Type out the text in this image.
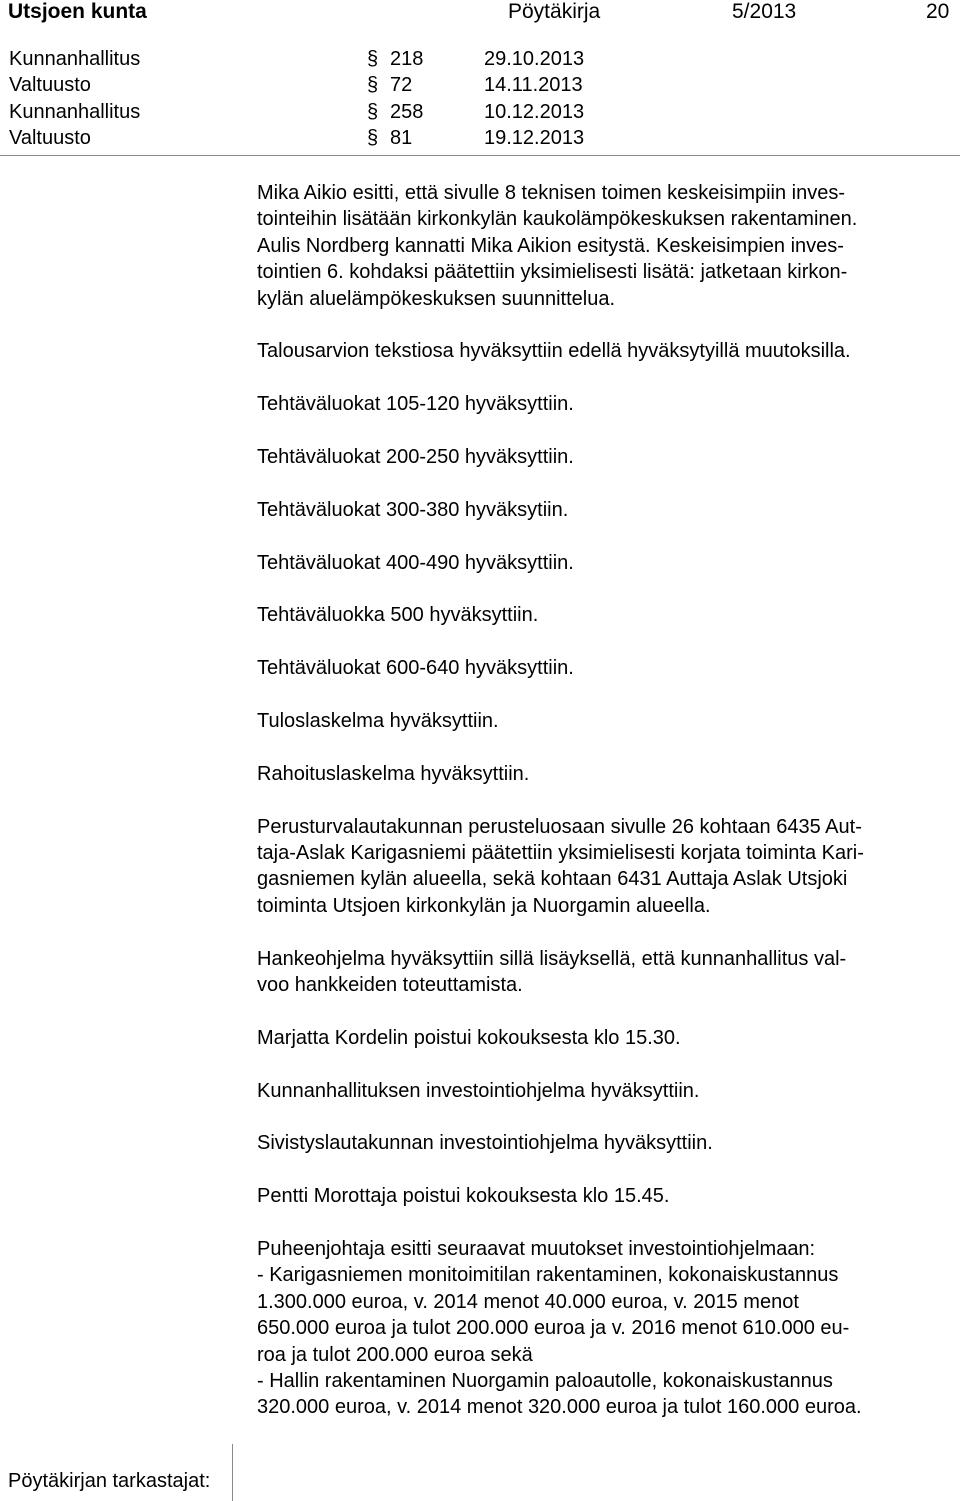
Utsjoen kunta	Pöytäkirja	5/2013	20
Kunnanhallitus	§ 218	29.10.2013
Valtuusto	§ 72	14.11.2013
Kunnanhallitus	§ 258	10.12.2013
Valtuusto	§ 81	19.12.2013

Mika Aikio esitti, että sivulle 8 teknisen toimen keskeisimpiin inves-
tointeihin lisätään kirkonkylän kaukolämpökeskuksen rakentaminen.
Aulis Nordberg kannatti Mika Aikion esitystä. Keskeisimpien inves-
tointien 6. kohdaksi päätettiin yksimielisesti lisätä: jatketaan kirkon-
kylän aluelämpökeskuksen suunnittelua.

Talousarvion tekstiosa hyväksyttiin edellä hyväksytyillä muutoksilla.

Tehtäväluokat 105-120 hyväksyttiin.

Tehtäväluokat 200-250 hyväksyttiin.

Tehtäväluokat 300-380 hyväksytiin.

Tehtäväluokat 400-490 hyväksyttiin.

Tehtäväluokka 500 hyväksyttiin.

Tehtäväluokat 600-640 hyväksyttiin.

Tuloslaskelma hyväksyttiin.

Rahoituslaskelma hyväksyttiin.

Perusturvalautakunnan perusteluosaan sivulle 26 kohtaan 6435 Aut-
taja-Aslak Karigasniemi päätettiin yksimielisesti korjata toiminta Kari-
gasniemen kylän alueella, sekä kohtaan 6431 Auttaja Aslak Utsjoki
toiminta Utsjoen kirkonkylän ja Nuorgamin alueella.

Hankeohjelma hyväksyttiin sillä lisäyksellä, että kunnanhallitus val-
voo hankkeiden toteuttamista.

Marjatta Kordelin poistui kokouksesta klo 15.30.

Kunnanhallituksen investointiohjelma hyväksyttiin.

Sivistyslautakunnan investointiohjelma hyväksyttiin.

Pentti Morottaja poistui kokouksesta klo 15.45.

Puheenjohtaja esitti seuraavat muutokset investointiohjelmaan:
- Karigasniemen monitoimitilan rakentaminen, kokonaiskustannus
1.300.000 euroa, v. 2014 menot 40.000 euroa, v. 2015 menot
650.000 euroa ja tulot 200.000 euroa ja v. 2016 menot 610.000 eu-
roa ja tulot 200.000 euroa sekä
- Hallin rakentaminen Nuorgamin paloautolle, kokonaiskustannus
320.000 euroa, v. 2014 menot 320.000 euroa ja tulot 160.000 euroa.

Pöytäkirjan tarkastajat:
